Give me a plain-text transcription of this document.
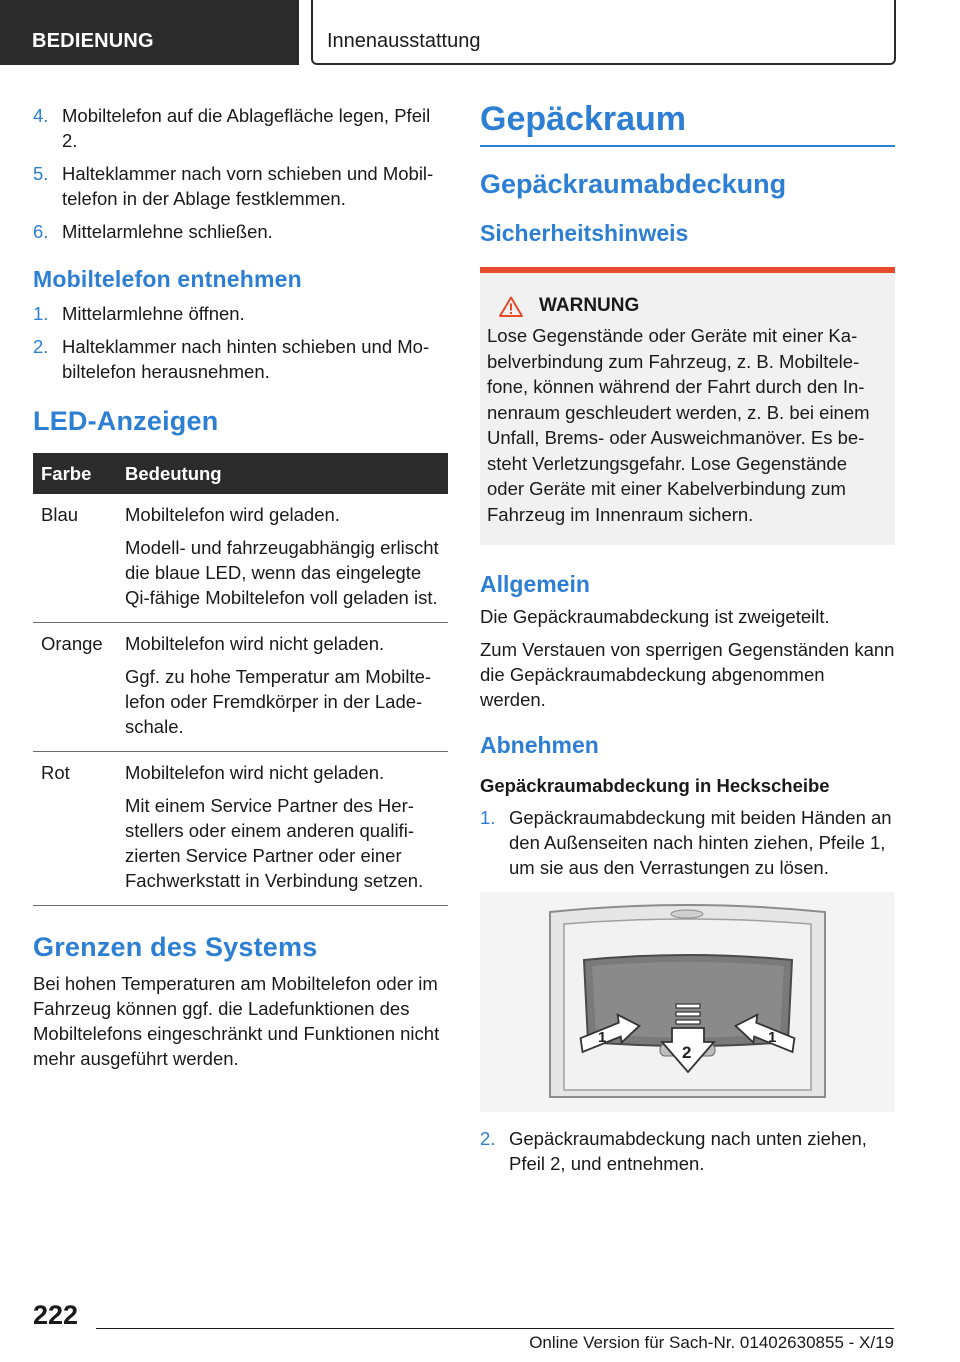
BEDIENUNG	Innenausstattung
4. Mobiltelefon auf die Ablagefläche legen, Pfeil 2.
5. Halteklammer nach vorn schieben und Mobiltelefon in der Ablage festklemmen.
6. Mittelarmlehne schließen.
Mobiltelefon entnehmen
1. Mittelarmlehne öffnen.
2. Halteklammer nach hinten schieben und Mobiltelefon herausnehmen.
LED-Anzeigen
Farbe	Bedeutung
Blau	Mobiltelefon wird geladen.

Modell- und fahrzeugabhängig erlischt die blaue LED, wenn das eingelegte Qi-fähige Mobiltelefon voll geladen ist.

Orange	Mobiltelefon wird nicht geladen.

Ggf. zu hohe Temperatur am Mobiltelefon oder Fremdkörper in der Ladeschale.

Rot	Mobiltelefon wird nicht geladen.

Mit einem Service Partner des Herstellers oder einem anderen qualifizierten Service Partner oder einer Fachwerkstatt in Verbindung setzen.

Grenzen des Systems
Bei hohen Temperaturen am Mobiltelefon oder im Fahrzeug können ggf. die Ladefunktionen des Mobiltelefons eingeschränkt und Funktionen nicht mehr ausgeführt werden.
Gepäckraum
Gepäckraumabdeckung
Sicherheitshinweis
WARNUNG
Lose Gegenstände oder Geräte mit einer Kabelverbindung zum Fahrzeug, z. B. Mobiltelefone, können während der Fahrt durch den Innenraum geschleudert werden, z. B. bei einem Unfall, Brems- oder Ausweichmanöver. Es besteht Verletzungsgefahr. Lose Gegenstände oder Geräte mit einer Kabelverbindung zum Fahrzeug im Innenraum sichern.
Allgemein
Die Gepäckraumabdeckung ist zweigeteilt.
Zum Verstauen von sperrigen Gegenständen kann die Gepäckraumabdeckung abgenommen werden.
Abnehmen
Gepäckraumabdeckung in Heckscheibe
1. Gepäckraumabdeckung mit beiden Händen an den Außenseiten nach hinten ziehen, Pfeile 1, um sie aus den Verrastungen zu lösen.
1	1
2
2. Gepäckraumabdeckung nach unten ziehen, Pfeil 2, und entnehmen.
222
Online Version für Sach-Nr. 01402630855 - X/19
